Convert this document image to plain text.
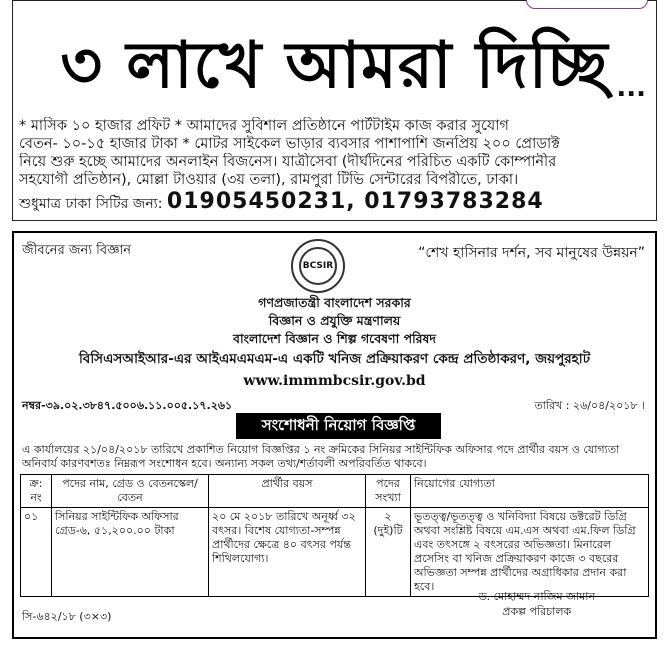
৩ লাখে আমরা দিচ্ছি ...
* মাসিক ১০ হাজার প্রফিট * আমাদের সুবিশাল প্রতিষ্ঠানে পার্টটাইম কাজ করার সুযোগ
বেতন- ১০-১৫ হাজার টাকা * মোটর সাইকেল ভাড়ার ব্যবসার পাশাপাশি জনপ্রিয় ২০০ প্রোডাক্ট
নিয়ে শুরু হচ্ছে আমাদের অনলাইন বিজনেস। যাত্রীসেবা (দীর্ঘদিনের পরিচিত একটি কোম্পানীর
সহযোগী প্রতিষ্ঠান), মোল্লা টাওয়ার (৩য় তলা), রামপুরা টিভি সেন্টারের বিপরীতে, ঢাকা।
শুধুমাত্র ঢাকা সিটির জন্য: 01905450231, 01793783284
জীবনের জন্য বিজ্ঞান	“শেখ হাসিনার দর্শন, সব মানুষের উন্নয়ন”
BCSIR
গণপ্রজাতন্ত্রী বাংলাদেশ সরকার
বিজ্ঞান ও প্রযুক্তি মন্ত্রণালয়
বাংলাদেশ বিজ্ঞান ও শিল্প গবেষণা পরিষদ
বিসিএসআইআর-এর আইএমএমএম-এ একটি খনিজ প্রক্রিয়াকরণ কেন্দ্র প্রতিষ্ঠাকরণ, জয়পুরহাট
www.immmbcsir.gov.bd
নম্বর-৩৯.০২.৩৮৪৭.৫০০৬.১১.০০৫.১৭.২৬১	তারিখ : ২৬/০৪/২০১৮ ।
সংশোধনী নিয়োগ বিজ্ঞপ্তি
এ কার্যালয়ের ২১/০৪/২০১৮ তারিখে প্রকাশিত নিয়োগ বিজ্ঞপ্তির ১ নং ক্রমিকের সিনিয়র সাইন্টিফিক অফিসার পদে প্রার্থীর বয়স ও যোগ্যতা অনিবার্য কারণবশতঃ নিম্নরূপ সংশোধন হবে। অন্যান্য সকল তথ্য/শর্তাবলী অপরিবর্তিত থাকবে।
ক্র: নং	পদের নাম, গ্রেড ও বেতনস্কেল/ বেতন	প্রার্থীর বয়স	পদের সংখ্যা	নিয়োগের যোগ্যতা
০১	সিনিয়র সাইন্টিফিক অফিসার গ্রেড-৬, ৫১,২০০.০০ টাকা	২০ মে ২০১৮ তারিখে অনূর্ধ্ব ৩২ বৎসর। বিশেষ যোগ্যতা-সম্পন্ন প্রার্থীদের ক্ষেত্রে ৪০ বৎসর পর্যন্ত শিথিলযোগ্য।	২ (দুই)টি	ভূতত্ত্ব/ভূতত্ত্ব ও খনিবিদ্যা বিষয়ে ডক্টরেট ডিগ্রি অথবা সংশ্লিষ্ট বিষয়ে এম.এস অথবা এম.ফিল ডিগ্রি এবং তৎসঙ্গে ২ বৎসরের অভিজ্ঞতা। মিনারেল প্রসেসিং বা খনিজ প্রক্রিয়াকরণ কাজে ৩ বছরের অভিজ্ঞতা সম্পন্ন প্রার্থীদের অগ্রাধিকার প্রদান করা হবে।
ড. মোহাম্মদ নাজিম জামান
প্রকল্প পরিচালক
সি-৬৪২/১৮ (৩×৩)
